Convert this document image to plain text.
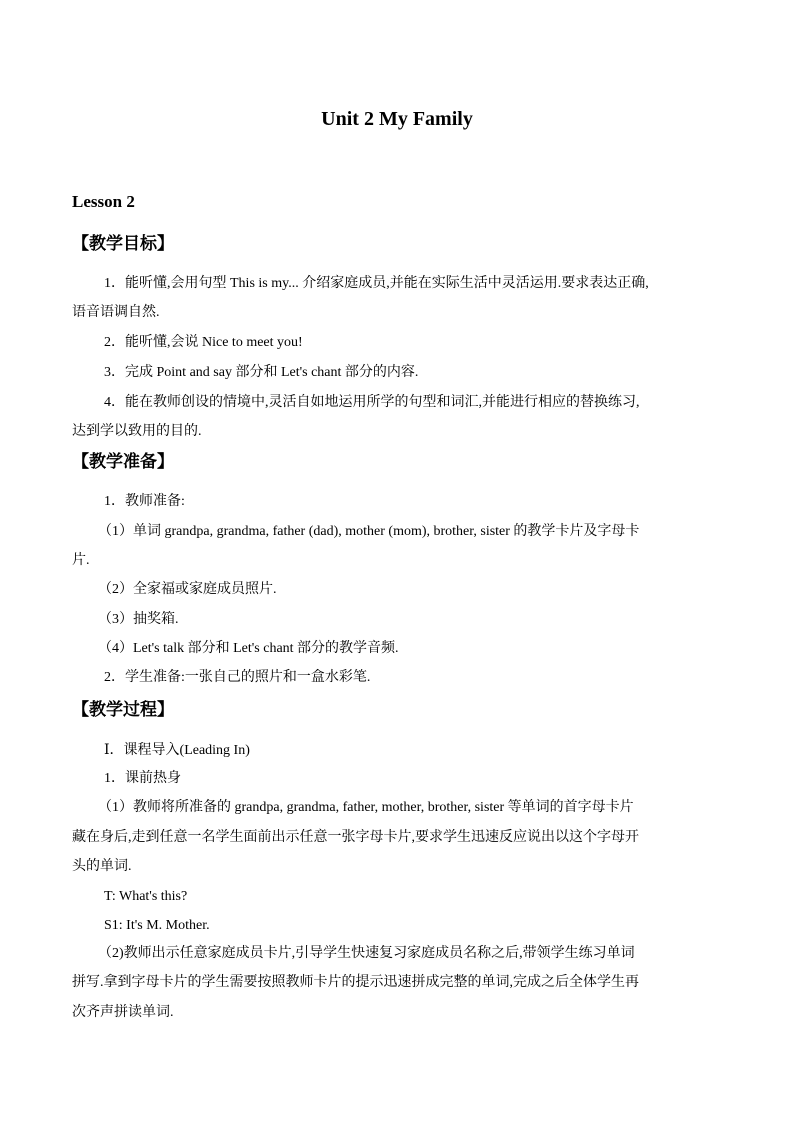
Unit 2 My Family
Lesson 2
【教学目标】
1．能听懂,会用句型 This is my... 介绍家庭成员,并能在实际生活中灵活运用.要求表达正确,
语音语调自然.
2．能听懂,会说 Nice to meet you!
3．完成 Point and say 部分和 Let's chant 部分的内容.
4．能在教师创设的情境中,灵活自如地运用所学的句型和词汇,并能进行相应的替换练习,
达到学以致用的目的.
【教学准备】
1．教师准备:
（1）单词 grandpa, grandma, father (dad), mother (mom), brother, sister 的教学卡片及字母卡
片.
（2）全家福或家庭成员照片.
（3）抽奖箱.
（4）Let's talk 部分和 Let's chant 部分的教学音频.
2．学生准备:一张自己的照片和一盒水彩笔.
【教学过程】
Ⅰ．课程导入(Leading In)
1．课前热身
（1）教师将所准备的 grandpa, grandma, father, mother, brother, sister 等单词的首字母卡片
藏在身后,走到任意一名学生面前出示任意一张字母卡片,要求学生迅速反应说出以这个字母开
头的单词.
T: What's this?
S1: It's M. Mother.
（2)教师出示任意家庭成员卡片,引导学生快速复习家庭成员名称之后,带领学生练习单词
拼写.拿到字母卡片的学生需要按照教师卡片的提示迅速拼成完整的单词,完成之后全体学生再
次齐声拼读单词.
